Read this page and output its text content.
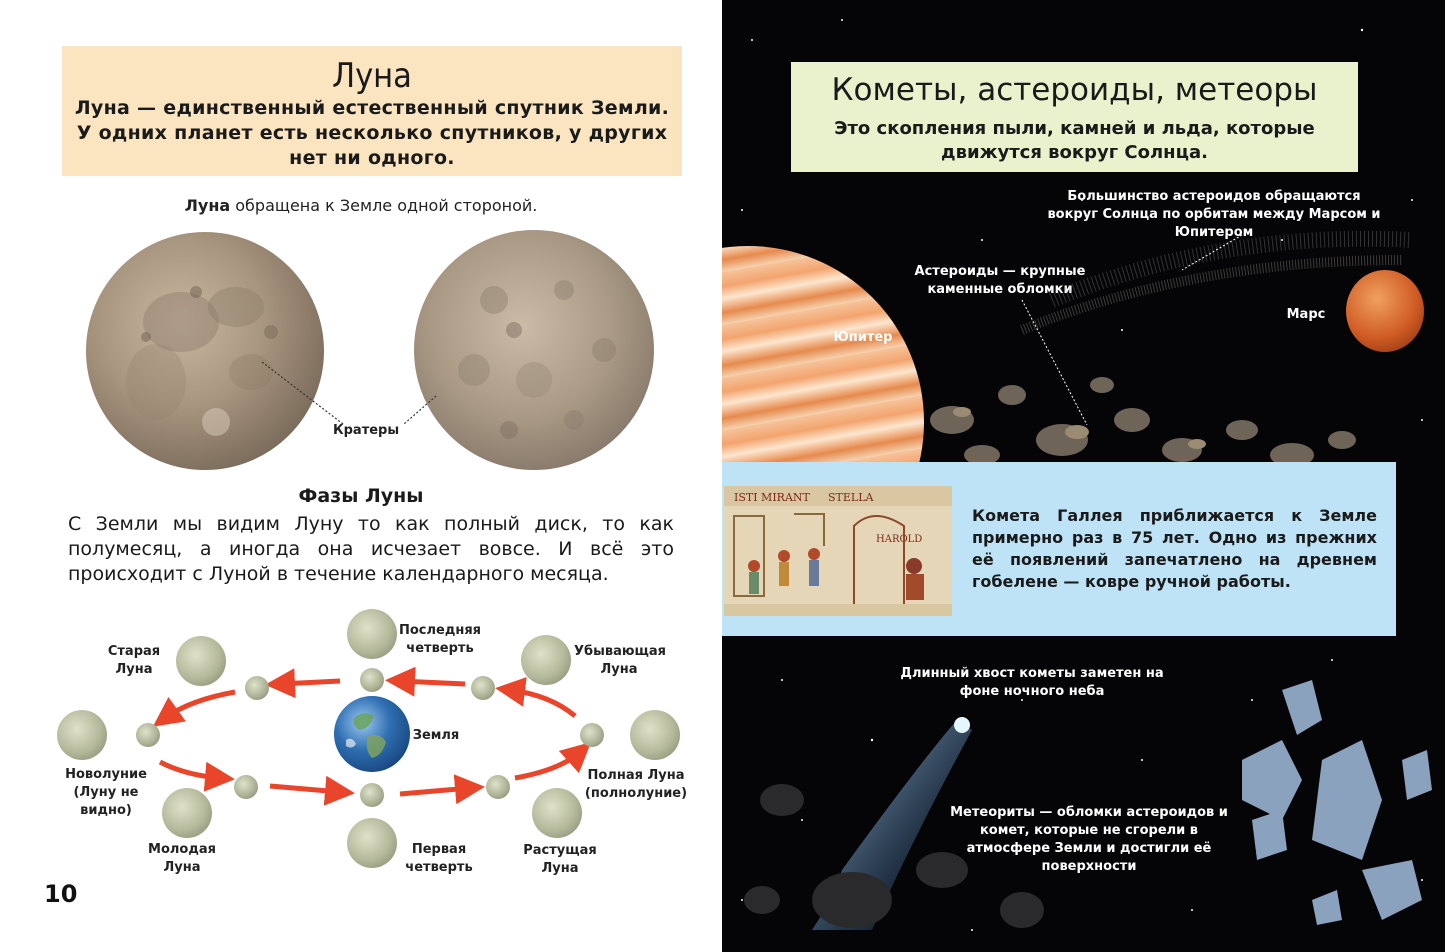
Луна
Луна — единственный естественный спутник Земли. У одних планет есть несколько спутников, у других нет ни одного.
Луна обращена к Земле одной стороной.
Кратеры
Фазы Луны
С Земли мы видим Луну то как полный диск, то как полумесяц, а иногда она исчезает вовсе. И всё это происходит с Луной в течение календарного месяца.
Последняя четверть
Старая Луна
Убывающая Луна
Новолуние (Луну не видно)
Земля
Полная Луна (полнолуние)
Молодая Луна
Первая четверть
Растущая Луна
10
Кометы, астероиды, метеоры
Это скопления пыли, камней и льда, которые движутся вокруг Солнца.
Большинство астероидов обращаются вокруг Солнца по орбитам между Марсом и Юпитером
Астероиды — крупные каменные обломки
Юпитер
Марс
ISTI MIRANT STELLA
HAROLD
Комета Галлея приближается к Земле примерно раз в 75 лет. Одно из прежних её появлений запечатлено на древнем гобелене — ковре ручной работы.
Длинный хвост кометы заметен на фоне ночного неба
Метеориты — обломки астероидов и комет, которые не сгорели в атмосфере Земли и достигли её поверхности
